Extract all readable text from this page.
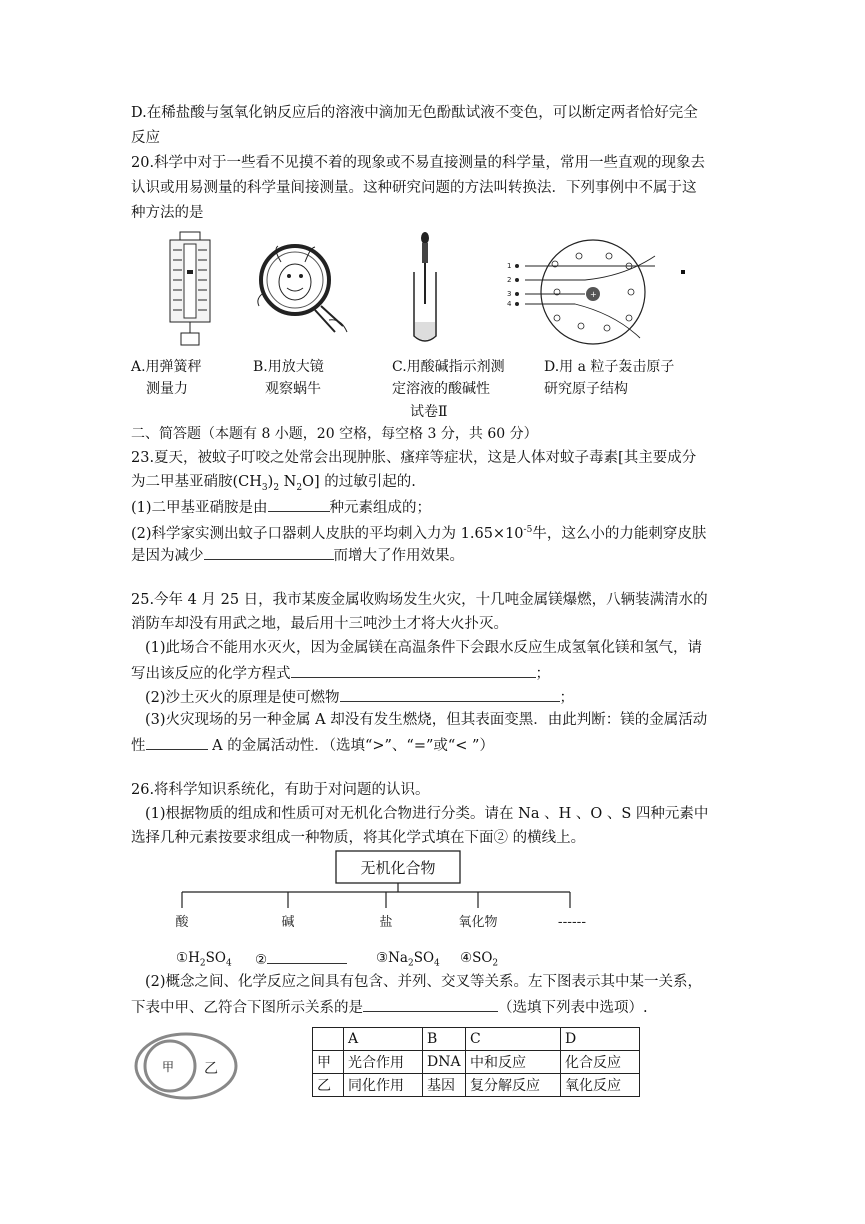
D.在稀盐酸与氢氧化钠反应后的溶液中滴加无色酚酞试液不变色，可以断定两者恰好完全
反应
20.科学中对于一些看不见摸不着的现象或不易直接测量的科学量，常用一些直观的现象去
认识或用易测量的科学量间接测量。这种研究问题的方法叫转换法．下列事例中不属于这
种方法的是
+
1
2
3
4
A.用弹簧秤
测量力
B.用放大镜
观察蜗牛
C.用酸碱指示剂测
定溶液的酸碱性
D.用 a 粒子轰击原子
研究原子结构
试卷Ⅱ
二、简答题（本题有 8 小题，20 空格，每空格 3 分，共 60 分）
23.夏天，被蚊子叮咬之处常会出现肿胀、瘙痒等症状，这是人体对蚊子毒素[其主要成分
为二甲基亚硝胺$(CH_3)_2$ $N_2O$] 的过敏引起的.
(1)二甲基亚硝胺是由	种元素组成的；
(2)科学家实测出蚊子口器刺人皮肤的平均刺入力为 $1.65\times 10^{-5}$牛，这么小的力能刺穿皮肤
是因为减少	而增大了作用效果。
25.今年 4 月 25 日，我市某废金属收购场发生火灾，十几吨金属镁爆燃，八辆装满清水的
消防车却没有用武之地，最后用十三吨沙土才将大火扑灭。
(1)此场合不能用水灭火，因为金属镁在高温条件下会跟水反应生成氢氧化镁和氢气，请
写出该反应的化学方程式	；
(2)沙土灭火的原理是使可燃物	；
(3)火灾现场的另一种金属 A 却没有发生燃烧，但其表面变黑．由此判断：镁的金属活动
性	A 的金属活动性．（选填“>”、“=”或“< ”）
26.将科学知识系统化，有助于对问题的认识。
(1)根据物质的组成和性质可对无机化合物进行分类。请在 Na 、H 、O 、S 四种元素中
选择几种元素按要求组成一种物质，将其化学式填在下面② 的横线上。
无机化合物
酸	碱	盐	氧化物	------
$①H_2SO_4$ ②	$③Na_2SO_4$ $④SO_2$
(2)概念之间、化学反应之间具有包含、并列、交叉等关系。左下图表示其中某一关系，
下表中甲、乙符合下图所示关系的是	（选填下列表中选项）.
甲 乙
	A	B	C	D
甲	光合作用	DNA	中和反应	化合反应
乙	同化作用	基因	复分解反应	氧化反应
